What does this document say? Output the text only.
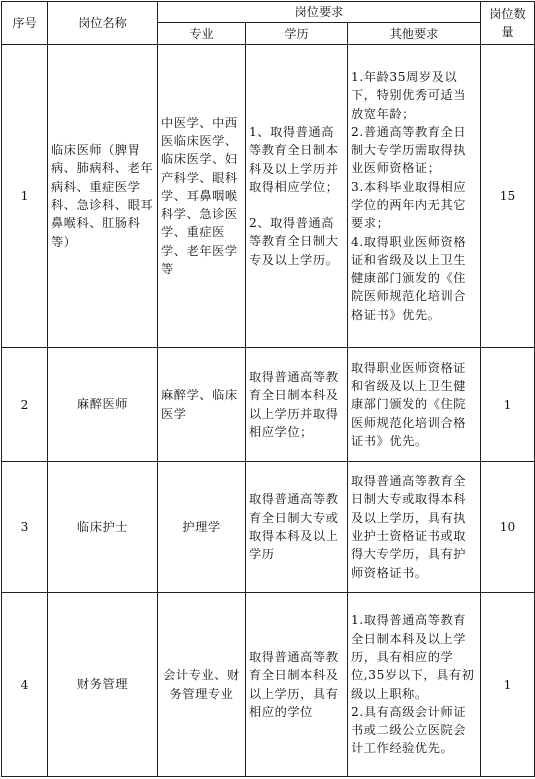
序号	岗位名称	岗位要求			岗位数量
		专业	学历	其他要求	
1	临床医师（脾胃病、肺病科、老年病科、重症医学科、急诊科、眼耳鼻喉科、肛肠科等）	中医学、中西医临床医学、临床医学、妇产科学、眼科学、耳鼻咽喉科学、急诊医学、重症医学、老年医学等	1、取得普通高等教育全日制本科及以上学历并取得相应学位；
2、取得普通高等教育全日制大专及以上学历。	1.年龄35周岁及以下，特别优秀可适当放宽年龄；
2.普通高等教育全日制大专学历需取得执业医师资格证；
3.本科毕业取得相应学位的两年内无其它要求；
4.取得职业医师资格证和省级及以上卫生健康部门颁发的《住院医师规范化培训合格证书》优先。	15
2	麻醉医师	麻醉学、临床医学	取得普通高等教育全日制本科及以上学历并取得相应学位；	取得职业医师资格证和省级及以上卫生健康部门颁发的《住院医师规范化培训合格证书》优先。	1
3	临床护士	护理学	取得普通高等教育全日制大专或取得本科及以上学历	取得普通高等教育全日制大专或取得本科及以上学历，具有执业护士资格证书或取得大专学历，具有护师资格证书。	10
4	财务管理	会计专业、财务管理专业	取得普通高等教育全日制本科及以上学历，具有相应的学位	1.取得普通高等教育全日制本科及以上学历，具有相应的学位,35岁以下，具有初级以上职称。
2.具有高级会计师证书或二级公立医院会计工作经验优先。	1
